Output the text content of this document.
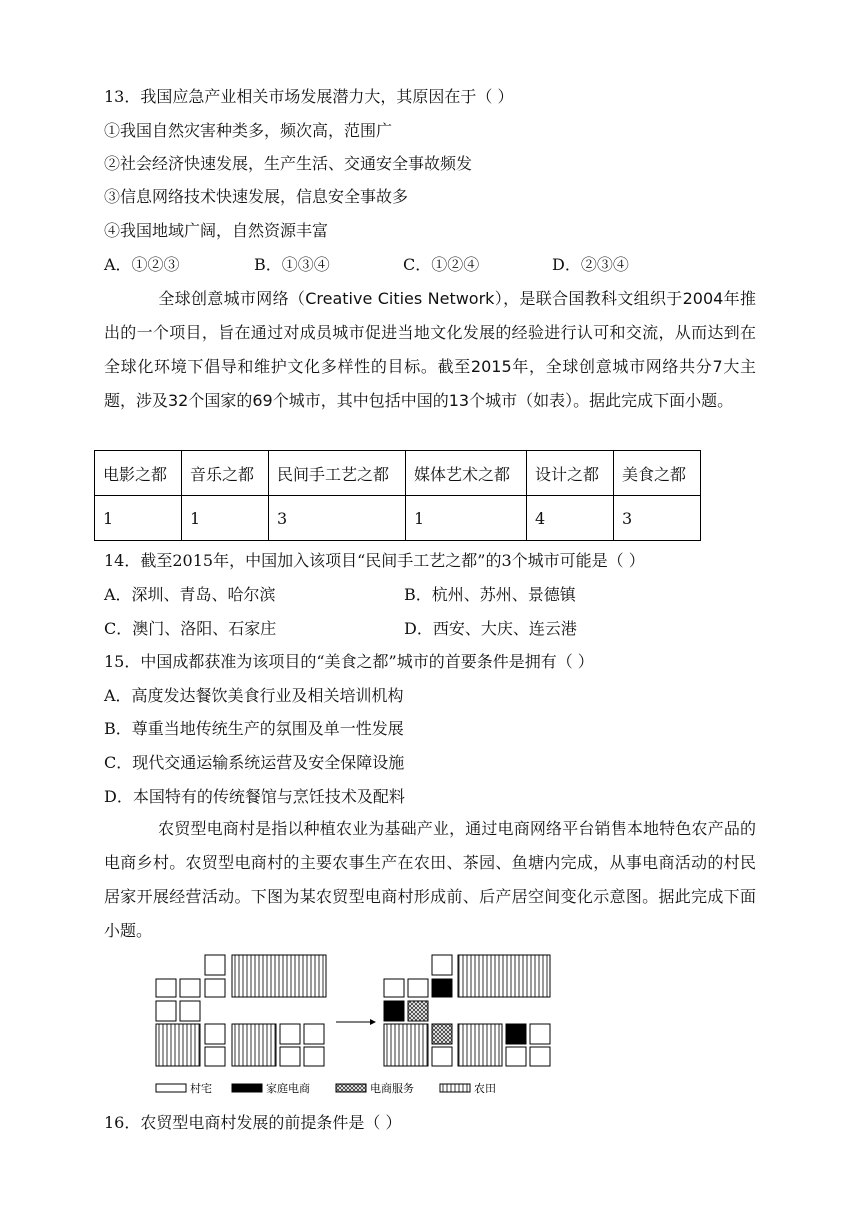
13．我国应急产业相关市场发展潜力大，其原因在于（ ）
①我国自然灾害种类多，频次高，范围广
②社会经济快速发展，生产生活、交通安全事故频发
③信息网络技术快速发展，信息安全事故多
④我国地域广阔，自然资源丰富
A．①②③	B．①③④	C．①②④	D．②③④
全球创意城市网络（Creative Cities Network），是联合国教科文组织于2004年推出的一个项目，旨在通过对成员城市促进当地文化发展的经验进行认可和交流，从而达到在全球化环境下倡导和维护文化多样性的目标。截至2015年，全球创意城市网络共分7大主题，涉及32个国家的69个城市，其中包括中国的13个城市（如表）。据此完成下面小题。
电影之都	音乐之都	民间手工艺之都	媒体艺术之都	设计之都	美食之都
1	1	3	1	4	3
14．截至2015年，中国加入该项目“民间手工艺之都”的3个城市可能是（ ）
A．深圳、青岛、哈尔滨	B．杭州、苏州、景德镇
C．澳门、洛阳、石家庄	D．西安、大庆、连云港
15．中国成都获准为该项目的“美食之都”城市的首要条件是拥有（ ）
A．高度发达餐饮美食行业及相关培训机构
B．尊重当地传统生产的氛围及单一性发展
C．现代交通运输系统运营及安全保障设施
D．本国特有的传统餐馆与烹饪技术及配料
农贸型电商村是指以种植农业为基础产业，通过电商网络平台销售本地特色农产品的电商乡村。农贸型电商村的主要农事生产在农田、茶园、鱼塘内完成，从事电商活动的村民居家开展经营活动。下图为某农贸型电商村形成前、后产居空间变化示意图。据此完成下面小题。
村宅	家庭电商	电商服务	农田
16．农贸型电商村发展的前提条件是（ ）
